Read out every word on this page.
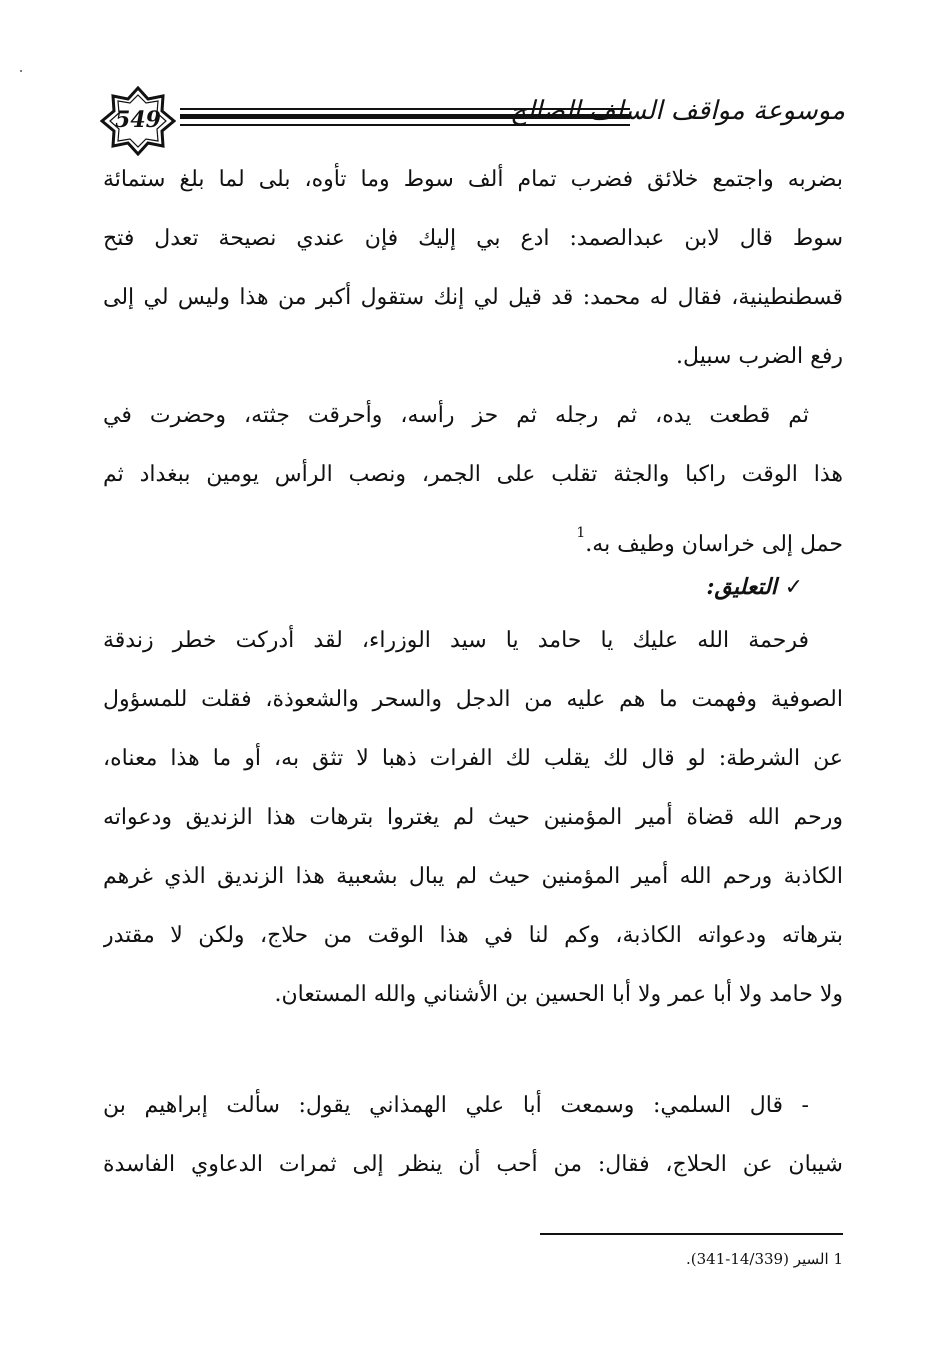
549	موسوعة مواقف السلف الصالح
بضربه واجتمع خلائق فضرب تمام ألف سوط وما تأوه، بلى لما بلغ ستمائة
سوط قال لابن عبدالصمد: ادع بي إليك فإن عندي نصيحة تعدل فتح
قسطنطينية، فقال له محمد: قد قيل لي إنك ستقول أكبر من هذا وليس لي إلى
رفع الضرب سبيل.
ثم قطعت يده، ثم رجله ثم حز رأسه، وأحرقت جثته، وحضرت في
هذا الوقت راكبا والجثة تقلب على الجمر، ونصب الرأس يومين ببغداد ثم
حمل إلى خراسان وطيف به.$^1$
✓ التعليق:
فرحمة الله عليك يا حامد يا سيد الوزراء، لقد أدركت خطر زندقة
الصوفية وفهمت ما هم عليه من الدجل والسحر والشعوذة، فقلت للمسؤول
عن الشرطة: لو قال لك يقلب لك الفرات ذهبا لا تثق به، أو ما هذا معناه،
ورحم الله قضاة أمير المؤمنين حيث لم يغتروا بترهات هذا الزنديق ودعواته
الكاذبة ورحم الله أمير المؤمنين حيث لم يبال بشعبية هذا الزنديق الذي غرهم
بترهاته ودعواته الكاذبة، وكم لنا في هذا الوقت من حلاج، ولكن لا مقتدر
ولا حامد ولا أبا عمر ولا أبا الحسين بن الأشناني والله المستعان.
- قال السلمي: وسمعت أبا علي الهمذاني يقول: سألت إبراهيم بن
شيبان عن الحلاج، فقال: من أحب أن ينظر إلى ثمرات الدعاوي الفاسدة
1 السير (14/339-341).
